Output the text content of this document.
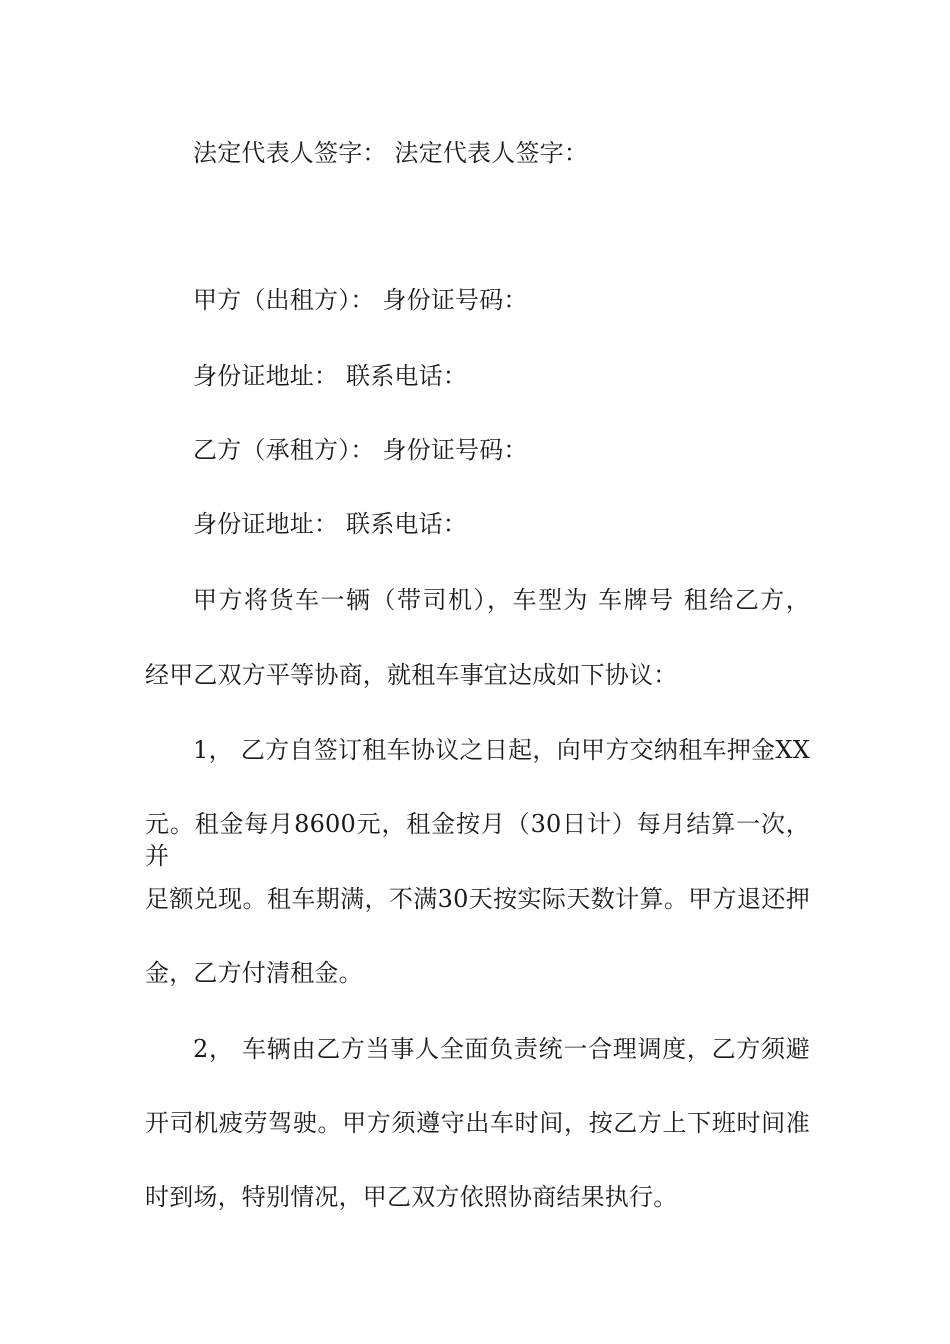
法定代表人签字： 法定代表人签字：
甲方（出租方）： 身份证号码：
身份证地址： 联系电话：
乙方（承租方）： 身份证号码：
身份证地址： 联系电话：
甲方将货车一辆（带司机），车型为 车牌号 租给乙方，
经甲乙双方平等协商，就租车事宜达成如下协议：
1， 乙方自签订租车协议之日起，向甲方交纳租车押金XX
元。租金每月8600元，租金按月（30日计）每月结算一次，并
足额兑现。租车期满，不满30天按实际天数计算。甲方退还押
金，乙方付清租金。
2， 车辆由乙方当事人全面负责统一合理调度，乙方须避
开司机疲劳驾驶。甲方须遵守出车时间，按乙方上下班时间准
时到场，特别情况，甲乙双方依照协商结果执行。
